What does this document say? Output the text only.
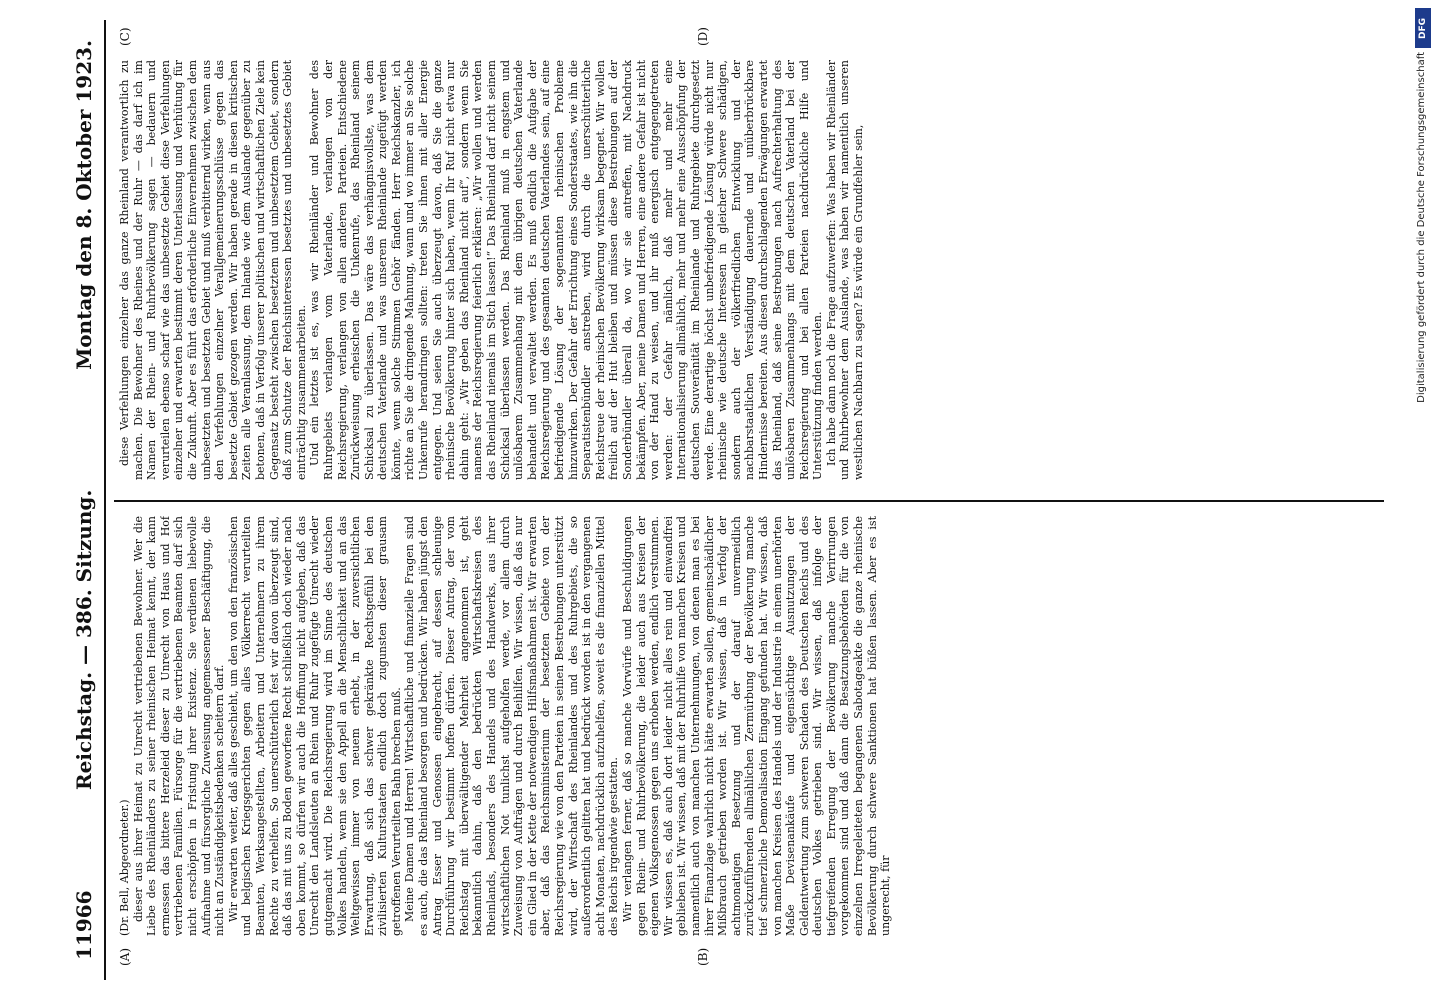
11966
Reichstag. — 386. Sitzung.
Montag den 8. Oktober 1923.
(A)	(B)
(C)	(D)

(Dr. Bell, Abgeordneter.) dieser aus ihrer Heimat zu Unrecht vertriebenen Bewohner. Wer die Liebe des Rheinländers zu seiner rheinischen Heimat kennt, der kann ermessen das bittere Herzeleid dieser zu Unrecht von Haus und Hof vertriebenen Familien. Fürsorge für die vertriebenen Beamten darf sich nicht erschöpfen in Fristung ihrer Existenz. Sie verdienen liebevolle Aufnahme und fürsorgliche Zuweisung angemessener Beschäftigung, die nicht an Zuständigkeitsbedenken scheitern darf. Wir erwarten weiter, daß alles geschieht, um den von den französischen und belgischen Kriegsgerichten gegen alles Völkerrecht verurteilten Beamten, Werksangestellten, Arbeitern und Unternehmern zu ihrem Rechte zu verhelfen. So unerschütterlich fest wir davon überzeugt sind, daß das mit uns zu Boden geworfene Recht schließlich doch wieder nach oben kommt, so dürfen wir auch die Hoffnung nicht aufgeben, daß das Unrecht den Landsleuten an Rhein und Ruhr zugefügte Unrecht wieder gutgemacht wird. Die Reichsregierung wird im Sinne des deutschen Volkes handeln, wenn sie den Appell an die Menschlichkeit und an das Weltgewissen immer von neuem erhebt, in der zuversichtlichen Erwartung, daß sich das schwer gekränkte Rechtsgefühl bei den zivilisierten Kulturstaaten endlich doch zugunsten dieser grausam getroffenen Verurteilten Bahn brechen muß. Meine Damen und Herren! Wirtschaftliche und finanzielle Fragen sind es auch, die das Rheinland besorgen und bedrücken. Wir haben jüngst den Antrag Esser und Genossen eingebracht, auf dessen schleunige Durchführung wir bestimmt hoffen dürfen. Dieser Antrag, der vom Reichstag mit überwältigender Mehrheit angenommen ist, geht bekanntlich dahin, daß den bedrückten Wirtschaftskreisen des Rheinlands, besonders des Handels und des Handwerks, aus ihrer wirtschaftlichen Not tunlichst aufgeholfen werde, vor allem durch Zuweisung von Aufträgen und durch Beihilfen. Wir wissen, daß das nur ein Glied in der Kette der notwendigen Hilfsmaßnahmen ist. Wir erwarten aber, daß das Reichsministerium der besetzten Gebiete von der Reichsregierung wie von den Parteien in seinen Bestrebungen unterstützt wird, der Wirtschaft des Rheinlandes und des Ruhrgebiets, die so außerordentlich gelitten hat und bedrückt worden ist in den vergangenen acht Monaten, nachdrücklich aufzuhelfen, soweit es die finanziellen Mittel des Reichs irgendwie gestatten. Wir verlangen ferner, daß so manche Vorwürfe und Beschuldigungen gegen Rhein- und Ruhrbevölkerung, die leider auch aus Kreisen der eigenen Volksgenossen gegen uns erhoben werden, endlich verstummen. Wir wissen es, daß auch dort leider nicht alles rein und einwandfrei geblieben ist. Wir wissen, daß mit der Ruhrhilfe von manchen Kreisen und namentlich auch von manchen Unternehmungen, von denen man es bei ihrer Finanzlage wahrlich nicht hätte erwarten sollen, gemeinschädlicher Mißbrauch getrieben worden ist. Wir wissen, daß in Verfolg der achtmonatigen Besetzung und der darauf unvermeidlich zurückzuführenden allmählichen Zermürbung der Bevölkerung manche tief schmerzliche Demoralisation Eingang gefunden hat. Wir wissen, daß von manchen Kreisen des Handels und der Industrie in einem unerhörten Maße Devisenankäufe und eigensüchtige Ausnutzungen der Geldentwertung zum schweren Schaden des Deutschen Reichs und des deutschen Volkes getrieben sind. Wir wissen, daß infolge der tiefgreifenden Erregung der Bevölkerung manche Verirrungen vorgekommen sind und daß dann die Besatzungsbehörden für die von einzelnen Irregeleiteten begangenen Sabotageakte die ganze rheinische Bevölkerung durch schwere Sanktionen hat büßen lassen. Aber es ist ungerecht, für

diese Verfehlungen einzelner das ganze Rheinland verantwortlich zu machen. Die Bewohner des Rheines und der Ruhr — das darf ich im Namen der Rhein- und Ruhrbevölkerung sagen — bedauern und verurteilen ebenso scharf wie das unbesetzte Gebiet diese Verfehlungen einzelner und erwarten bestimmt deren Unterlassung und Verhütung für die Zukunft. Aber es führt das erforderliche Einvernehmen zwischen dem unbesetzten und besetzten Gebiet und muß verbitternd wirken, wenn aus den Verfehlungen einzelner Verallgemeinerungsschlüsse gegen das besetzte Gebiet gezogen werden. Wir haben gerade in diesen kritischen Zeiten alle Veranlassung, dem Inlande wie dem Auslande gegenüber zu betonen, daß in Verfolg unserer politischen und wirtschaftlichen Ziele kein Gegensatz besteht zwischen besetztem und unbesetztem Gebiet, sondern daß zum Schutze der Reichsinteressen besetztes und unbesetztes Gebiet einträchtig zusammenarbeiten. Und ein letztes ist es, was wir Rheinländer und Bewohner des Ruhrgebiets verlangen vom Vaterlande, verlangen von der Reichsregierung, verlangen von allen anderen Parteien. Entschiedene Zurückweisung erheischen die Unkenrufe, das Rheinland seinem Schicksal zu überlassen. Das wäre das verhängnisvollste, was dem deutschen Vaterlande und was unserem Rheinlande zugefügt werden könnte, wenn solche Stimmen Gehör fänden. Herr Reichskanzler, ich richte an Sie die dringende Mahnung, wann und wo immer an Sie solche Unkenrufe herandringen sollten: treten Sie ihnen mit aller Energie entgegen. Und seien Sie auch überzeugt davon, daß Sie die ganze rheinische Bevölkerung hinter sich haben, wenn Ihr Ruf nicht etwa nur dahin geht: „Wir geben das Rheinland nicht auf“, sondern wenn Sie namens der Reichsregierung feierlich erklären: „Wir wollen und werden das Rheinland niemals im Stich lassen!“ Das Rheinland darf nicht seinem Schicksal überlassen werden. Das Rheinland muß in engstem und unlösbarem Zusammenhang mit dem übrigen deutschen Vaterlande behandelt und verwaltet werden. Es muß endlich die Aufgabe der Reichsregierung und des gesamten deutschen Vaterlandes sein, auf eine befriedigende Lösung der sogenannten rheinischen Probleme hinzuwirken. Der Gefahr der Errichtung eines Sonderstaates, wie ihn die Separatistenbündler anstreben, wird durch die unerschütterliche Reichstreue der rheinischen Bevölkerung wirksam begegnet. Wir wollen freilich auf der Hut bleiben und müssen diese Bestrebungen auf der Sonderbündler überall da, wo wir sie antreffen, mit Nachdruck bekämpfen. Aber, meine Damen und Herren, eine andere Gefahr ist nicht von der Hand zu weisen, und ihr muß energisch entgegengetreten werden: der Gefahr nämlich, daß mehr und mehr eine Internationalisierung allmählich, mehr und mehr eine Ausschöpfung der deutschen Souveränität im Rheinlande und Ruhrgebiete durchgesetzt werde. Eine derartige höchst unbefriedigende Lösung würde nicht nur rheinische wie deutsche Interessen in gleicher Schwere schädigen, sondern auch der völkerfriedlichen Entwicklung und der nachbarstaatlichen Verständigung dauernde und unüberbrückbare Hindernisse bereiten. Aus diesen durchschlagenden Erwägungen erwartet das Rheinland, daß seine Bestrebungen nach Aufrechterhaltung des unlösbaren Zusammenhangs mit dem deutschen Vaterland bei der Reichsregierung und bei allen Parteien nachdrückliche Hilfe und Unterstützung finden werden. Ich habe dann noch die Frage aufzuwerfen: Was haben wir Rheinländer und Ruhrbewohner dem Auslande, was haben wir namentlich unseren westlichen Nachbarn zu sagen? Es würde ein Grundfehler sein,

DFG
Digitalisierung gefördert durch die Deutsche Forschungsgemeinschaft
